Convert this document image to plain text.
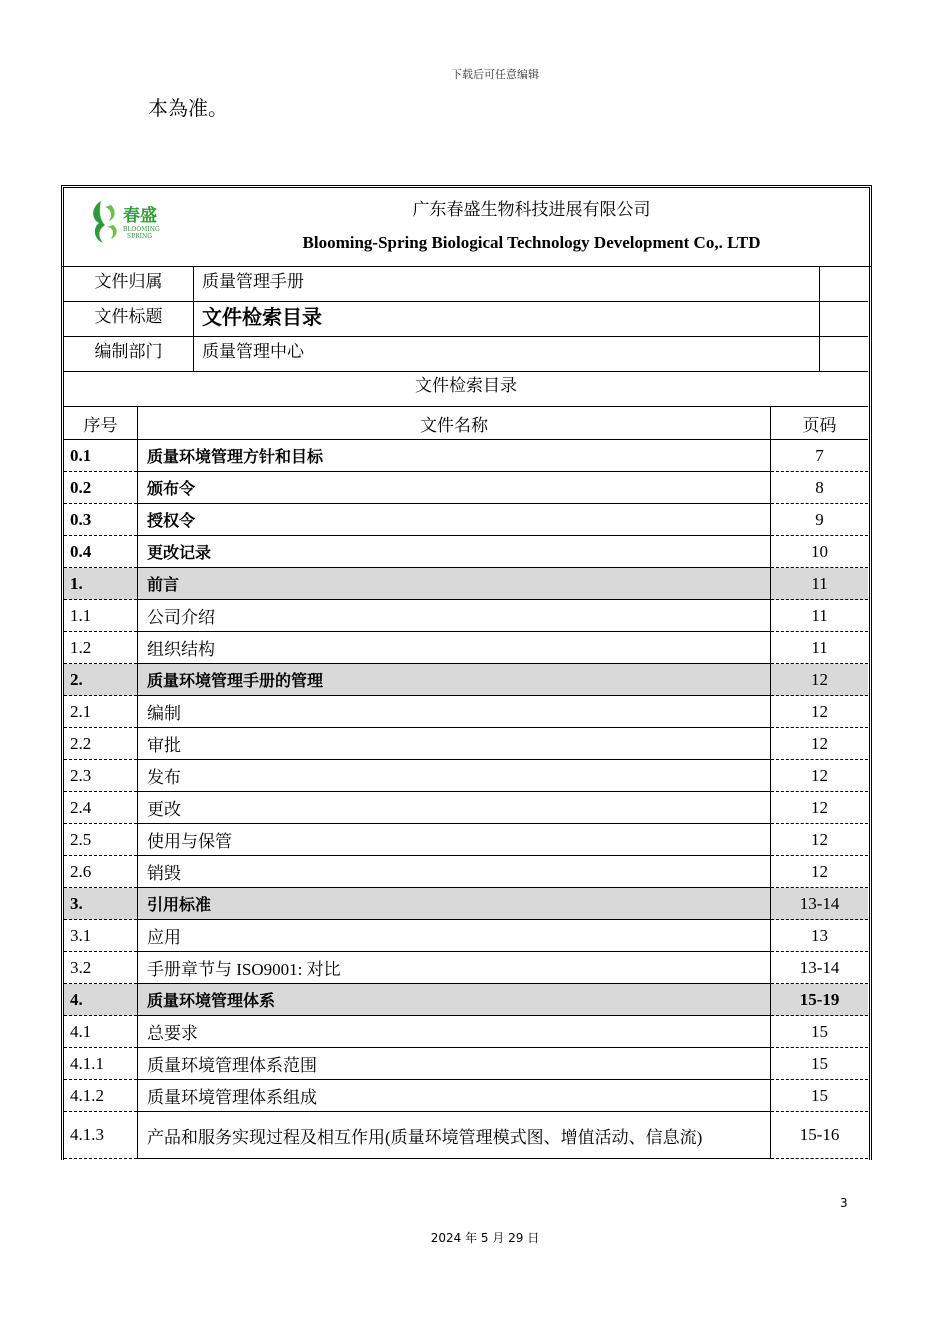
下载后可任意编辑
本為准。
春盛
BLOOMING
SPRING
广东春盛生物科技进展有限公司
Blooming-Spring Biological Technology Development Co,. LTD
文件归属	质量管理手册
文件标题	文件检索目录
编制部门	质量管理中心
文件检索目录
序号	文件名称	页码
0.1	质量环境管理方针和目标	7
0.2	颁布令	8
0.3	授权令	9
0.4	更改记录	10
1.	前言	11
1.1	公司介绍	11
1.2	组织结构	11
2.	质量环境管理手册的管理	12
2.1	编制	12
2.2	审批	12
2.3	发布	12
2.4	更改	12
2.5	使用与保管	12
2.6	销毁	12
3.	引用标准	13-14
3.1	应用	13
3.2	手册章节与 ISO9001: 对比	13-14
4.	质量环境管理体系	15-19
4.1	总要求	15
4.1.1	质量环境管理体系范围	15
4.1.2	质量环境管理体系组成	15
4.1.3	产品和服务实现过程及相互作用(质量环境管理模式图、增值活动、信息流)	15-16
3
2024 年 5 月 29 日
